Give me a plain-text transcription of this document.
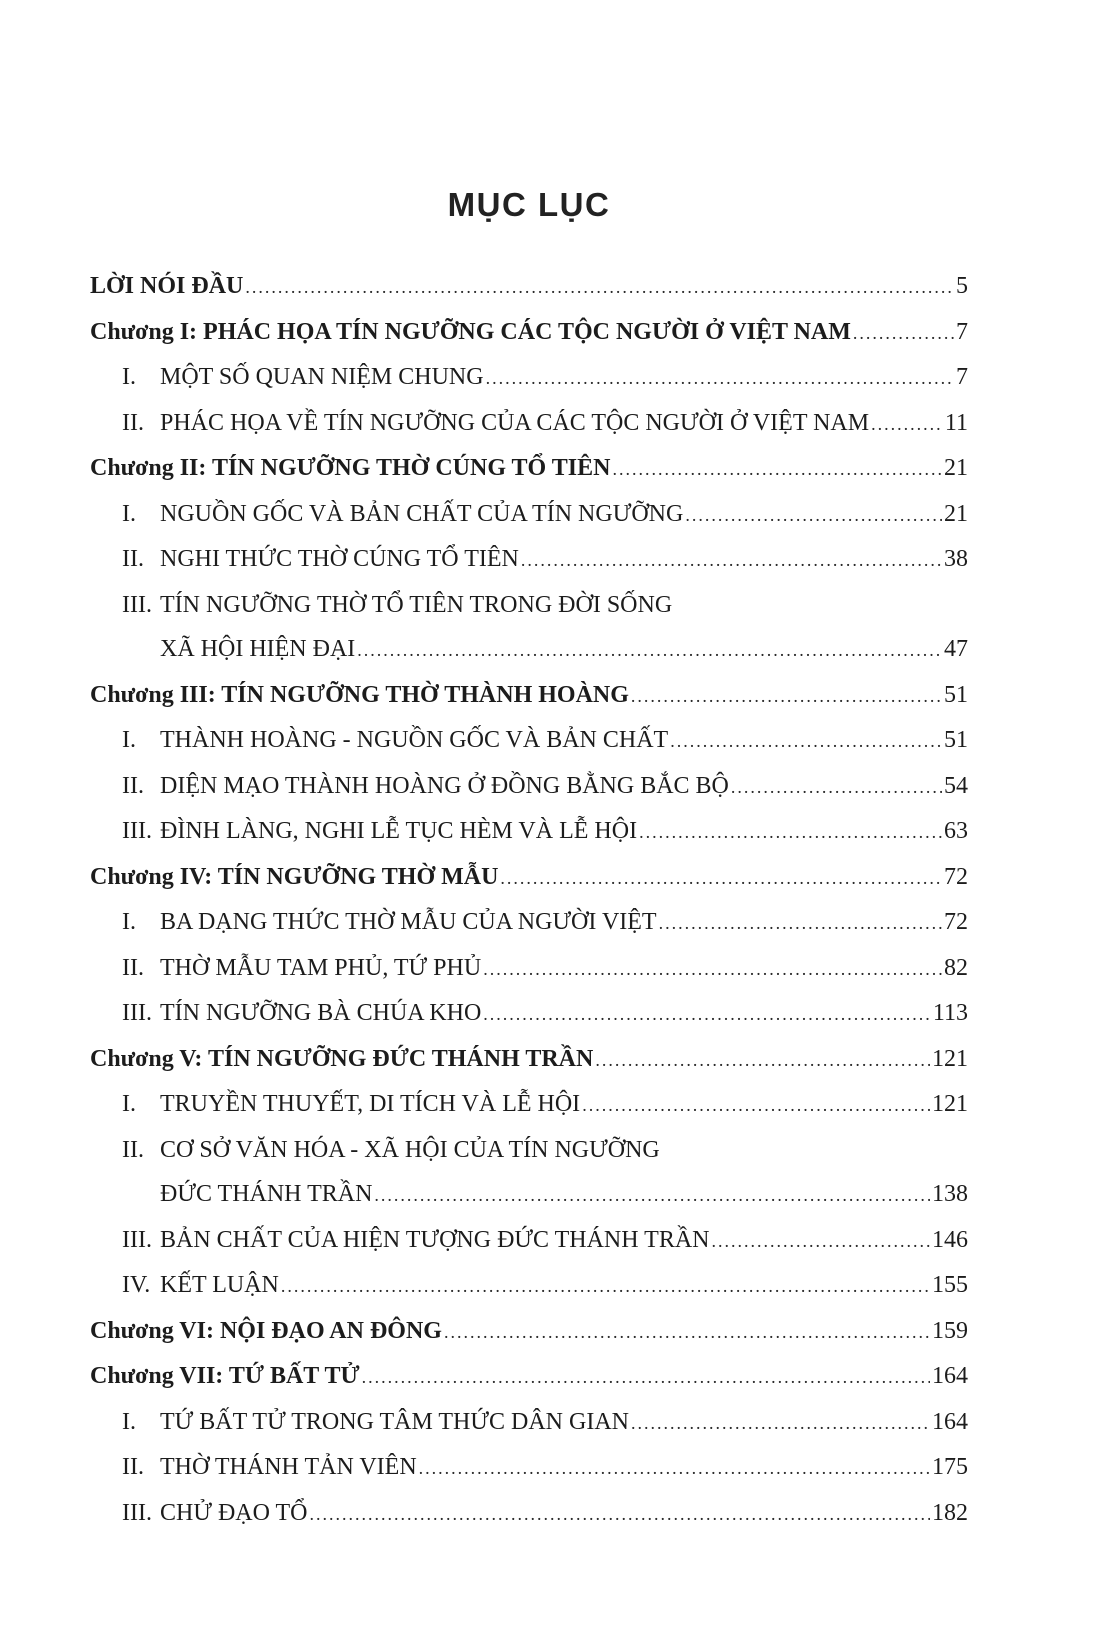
MỤC LỤC
LỜI NÓI ĐẦU .....	5
Chương I: PHÁC HỌA TÍN NGƯỠNG CÁC TỘC NGƯỜI Ở VIỆT NAM .....	7
I.	MỘT SỐ QUAN NIỆM CHUNG .....	7
II. PHÁC HỌA VỀ TÍN NGƯỠNG CỦA CÁC TỘC NGƯỜI Ở VIỆT NAM .....	11
Chương II: TÍN NGƯỠNG THỜ CÚNG TỔ TIÊN .....	21
I.	NGUỒN GỐC VÀ BẢN CHẤT CỦA TÍN NGƯỠNG .....	21
II. NGHI THỨC THỜ CÚNG TỔ TIÊN .....	38
III. TÍN NGƯỠNG THỜ TỔ TIÊN TRONG ĐỜI SỐNG
XÃ HỘI HIỆN ĐẠI .....	47
Chương III: TÍN NGƯỠNG THỜ THÀNH HOÀNG .....	51
I.	THÀNH HOÀNG - NGUỒN GỐC VÀ BẢN CHẤT .....	51
II. DIỆN MẠO THÀNH HOÀNG Ở ĐỒNG BẰNG BẮC BỘ .....	54
III. ĐÌNH LÀNG, NGHI LỄ TỤC HÈM VÀ LỄ HỘI .....	63
Chương IV: TÍN NGƯỠNG THỜ MẪU .....	72
I.	BA DẠNG THỨC THỜ MẪU CỦA NGƯỜI VIỆT .....	72
II. THỜ MẪU TAM PHỦ, TỨ PHỦ .....	82
III. TÍN NGƯỠNG BÀ CHÚA KHO .....	113
Chương V: TÍN NGƯỠNG ĐỨC THÁNH TRẦN .....	121
I.	TRUYỀN THUYẾT, DI TÍCH VÀ LỄ HỘI .....	121
II. CƠ SỞ VĂN HÓA - XÃ HỘI CỦA TÍN NGƯỠNG
ĐỨC THÁNH TRẦN .....	138
III. BẢN CHẤT CỦA HIỆN TƯỢNG ĐỨC THÁNH TRẦN .....	146
IV. KẾT LUẬN .....	155
Chương VI: NỘI ĐẠO AN ĐÔNG .....	159
Chương VII: TỨ BẤT TỬ .....	164
I.	TỨ BẤT TỬ TRONG TÂM THỨC DÂN GIAN .....	164
II. THỜ THÁNH TẢN VIÊN .....	175
III. CHỬ ĐẠO TỔ .....	182
